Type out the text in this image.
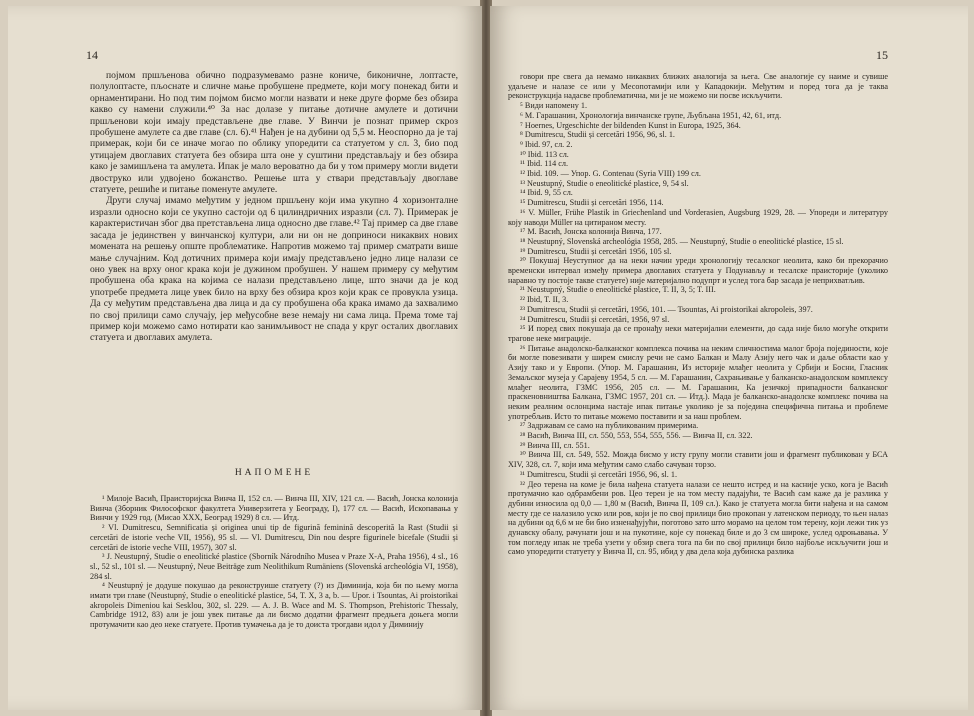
14

појмом пршљенова обично подразумевамо разне кониче, биконичне, лоптасте, полулоптасте, пљоснате и сличне мање пробушене предмете, који могу понекад бити и орнаментирани. Но под тим појмом бисмо могли назвати и неке друге форме без обзира какво су намени служили.⁴⁰ За нас долазе у питање дотичне амулете и дотични пршљенови који имају представљене две главе. У Винчи је познат пример скроз пробушене амулете са две главе (сл. 6).⁴¹ Нађен је на дубини од 5,5 м. Неоспорно да је тај примерак, који би се иначе могао по облику упоредити са статуетом у сл. 3, био под утицајем двоглавих статуета без обзира шта оне у суштини представљају и без обзира како је замишљена та амулета. Ипак је мало вероватно да би у том примеру могли видети двоструко или удвојено божанство. Решење шта у ствари представљају двоглаве статуете, решиће и питање поменуте амулете.

Други случај имамо међутим у једном пршљену који има укупно 4 хоризонталне изразли односно који се укупно састоји од 6 цилиндричних изразли (сл. 7). Примерак је карактеристичан због два претстављена лица односно две главе.⁴² Тај пример са две главе засада је јединствен у винчанској култури, али ни он не доприноси никаквих нових момената на решењу опште проблематике. Напротив можемо тај пример сматрати више мање случајним. Код дотичних примера који имају представљено једно лице налази се оно увек на врху оног крака који је дужином пробушен. У нашем примеру су међутим пробушена оба крака на којима се налази представљено лице, што значи да је код употребе предмета лице увек било на врху без обзира кроз који крак се провукла узица. Да су међутим представљена два лица и да су пробушена оба крака имамо да захвалимо по свој прилици само случају, јер међусобне везе немају ни сама лица. Према томе тај пример који можемо само нотирати као занимљивост не спада у круг осталих двоглавих статуета и двоглавих амулета.

НАПОМЕНЕ

¹ Милоје Васић, Праисторијска Винча II, 152 сл. — Винча III, XIV, 121 сл. — Васић, Јонска колонија Винча (Зборник Философског факултета Универзитета у Београду, I), 177 сл. — Васић, Ископавања у Винчи у 1929 год. (Мисао XXX, Београд 1929) 8 сл. — Итд.

² Vl. Dumitrescu, Semnificatia și originea unui tip de figurină feminină descoperită la Rast (Studii și cercetări de istorie veche VII, 1956), 95 sl. — Vl. Dumitrescu, Din nou despre figurinele bicefale (Studii și cercetări de istorie veche VIII, 1957), 307 sl.

³ J. Neustupný, Studie o eneolitické plastice (Sborník Národního Musea v Praze X-A, Praha 1956), 4 sl., 16 sl., 52 sl., 101 sl. — Neustupný, Neue Beiträge zum Neolithikum Rumäniens (Slovenská archeológia VI, 1958), 284 sl.

⁴ Neustupný је додуше покушао да реконструише статуету (?) из Диминија, која би по њему могла имати три главе (Neustupný, Studie o eneolitické plastice, 54, T. X, 3 a, b. — Upor. i Tsountas, Ai proistorikai akropoleis Dimeniou kai Sesklou, 302, sl. 229. — A. J. B. Wace and M. S. Thompson, Prehistoric Thessaly, Cambridge 1912, 83) али је још увек питање да ли бисмо додатни фрагмент предњега доњега могли протумачити као део неке статуете. Против тумачења да је то доиста трогдави идол у Диминију

15

говори пре свега да немамо никаквих ближих аналогија за њега. Све аналогије су наиме и сувише удаљене и налазе се или у Месопотамији или у Кападокији. Међутим и поред тога да је таква реконструкција надасве проблематична, ми је не можемо ни посве искључити.

⁵ Види напомену 1.

⁶ М. Гарашанин, Хронологија винчанске групе, Љубљана 1951, 42, 61, итд.

⁷ Hoernes, Urgeschichte der bildenden Kunst in Europa, 1925, 364.

⁸ Dumitrescu, Studii și cercetări 1956, 96, sl. 1.

⁹ Ibid. 97, сл. 2.

¹⁰ Ibid. 113 сл.

¹¹ Ibid. 114 сл.

¹² Ibid. 109. — Упор. G. Contenau (Syria VIII) 199 сл.

¹³ Neustupný, Studie o eneolitické plastice, 9, 54 sl.

¹⁴ Ibid. 9, 55 сл.

¹⁵ Dumitrescu, Studii și cercetări 1956, 114.

¹⁶ V. Müller, Frühe Plastik in Griechenland und Vorderasien, Augsburg 1929, 28. — Упореди и литературу коју наводи Müller на цитираном месту.

¹⁷ М. Васић, Јонска колонија Винча, 177.

¹⁸ Neustupný, Slovenská archeológia 1958, 285. — Neustupný, Studie o eneolitické plastice, 15 sl.

¹⁹ Dumitrescu, Studii și cercetări 1956, 105 sl.

²⁰ Покушај Неуступног да на неки начин уреди хронологију тесалског неолита, како би прекорачио временски интервал између примера двоглавих статуета у Подунављу и тесалске праисторије (уколико наравно ту постоје такве статуете) није материјално подупрт и услед тога бар засада је неприхватљив.

²¹ Neustupný, Studie o eneolitické plastice, T. II, 3, 5; T. III.

²² Ibid, T. II, 3.

²³ Dumitrescu, Studii și cercetări, 1956, 101. — Tsountas, Ai proistorikai akropoleis, 397.

²⁴ Dumitrescu, Studii și cercetări, 1956, 97 sl.

²⁵ И поред свих покушаја да се пронађу неки материјални елементи, до сада није било могуће открити трагове неке миграције.

²⁶ Питање анадолско-балканског комплекса почива на неким сличностима малог броја појединости, које би могле повезивати у ширем смислу речи не само Балкан и Малу Азију него чак и даље области као у Азију тако и у Европи. (Упор. М. Гарашанин, Из историје млађег неолита у Србији и Босни, Гласник Земаљског музеја у Сарајеву 1954, 5 сл. — М. Гарашанин, Сахрањивање у балканско-анадолском комплексу млађег неолита, ГЗМС 1956, 205 сл. — М. Гарашанин, Ка језичкој припадности балканског праскеновништва Балкана, ГЗМС 1957, 201 сл. — Итд.). Мада је балканско-анадолске комплекс почива на неким реалним ослонцима настаје ипак питање уколико је за поједина специфична питања и проблеме употребљив. Исто то питање можемо поставити и за наш проблем.

²⁷ Задржавам се само на публикованим примерима.

²⁸ Васић, Винча III, сл. 550, 553, 554, 555, 556. — Винча II, сл. 322.

²⁹ Винча III, сл. 551.

³⁰ Винча III, сл. 549, 552. Можда бисмо у исту групу могли ставити још и фрагмент публикован у БСА XIV, 328, сл. 7, који има међутим само слабо сачуван торзо.

³¹ Dumitrescu, Studii și cercetări 1956, 96, sl. 1.

³² Део терена на коме је била нађена статуета налази се нешто истред и на касније уско, кога је Васић протумачио као одбрамбени ров. Цео терен је на том месту падајући, те Васић сам каже да је разлика у дубини износила од 0,0 — 1,80 м (Васић, Винча II, 109 сл.). Како је статуета могла бити нађена и на самом месту где се налазило уско или ров, који је по свој прилици био прокопан у латенском периоду, то њен налаз на дубини од 6,6 м не би био изненађујући, поготово зато што морамо на целом том терену, који лежи тик уз дунавску обалу, рачунати још и на пукотине, које су понекад биле и до 3 см широке, услед одроњавања. У том погледу ипак не треба узети у обзир свега тога па би по свој прилици било најбоље искључити још и само упоредити статуету у Винча II, сл. 95, ибид у два дела која дубинска разлика
